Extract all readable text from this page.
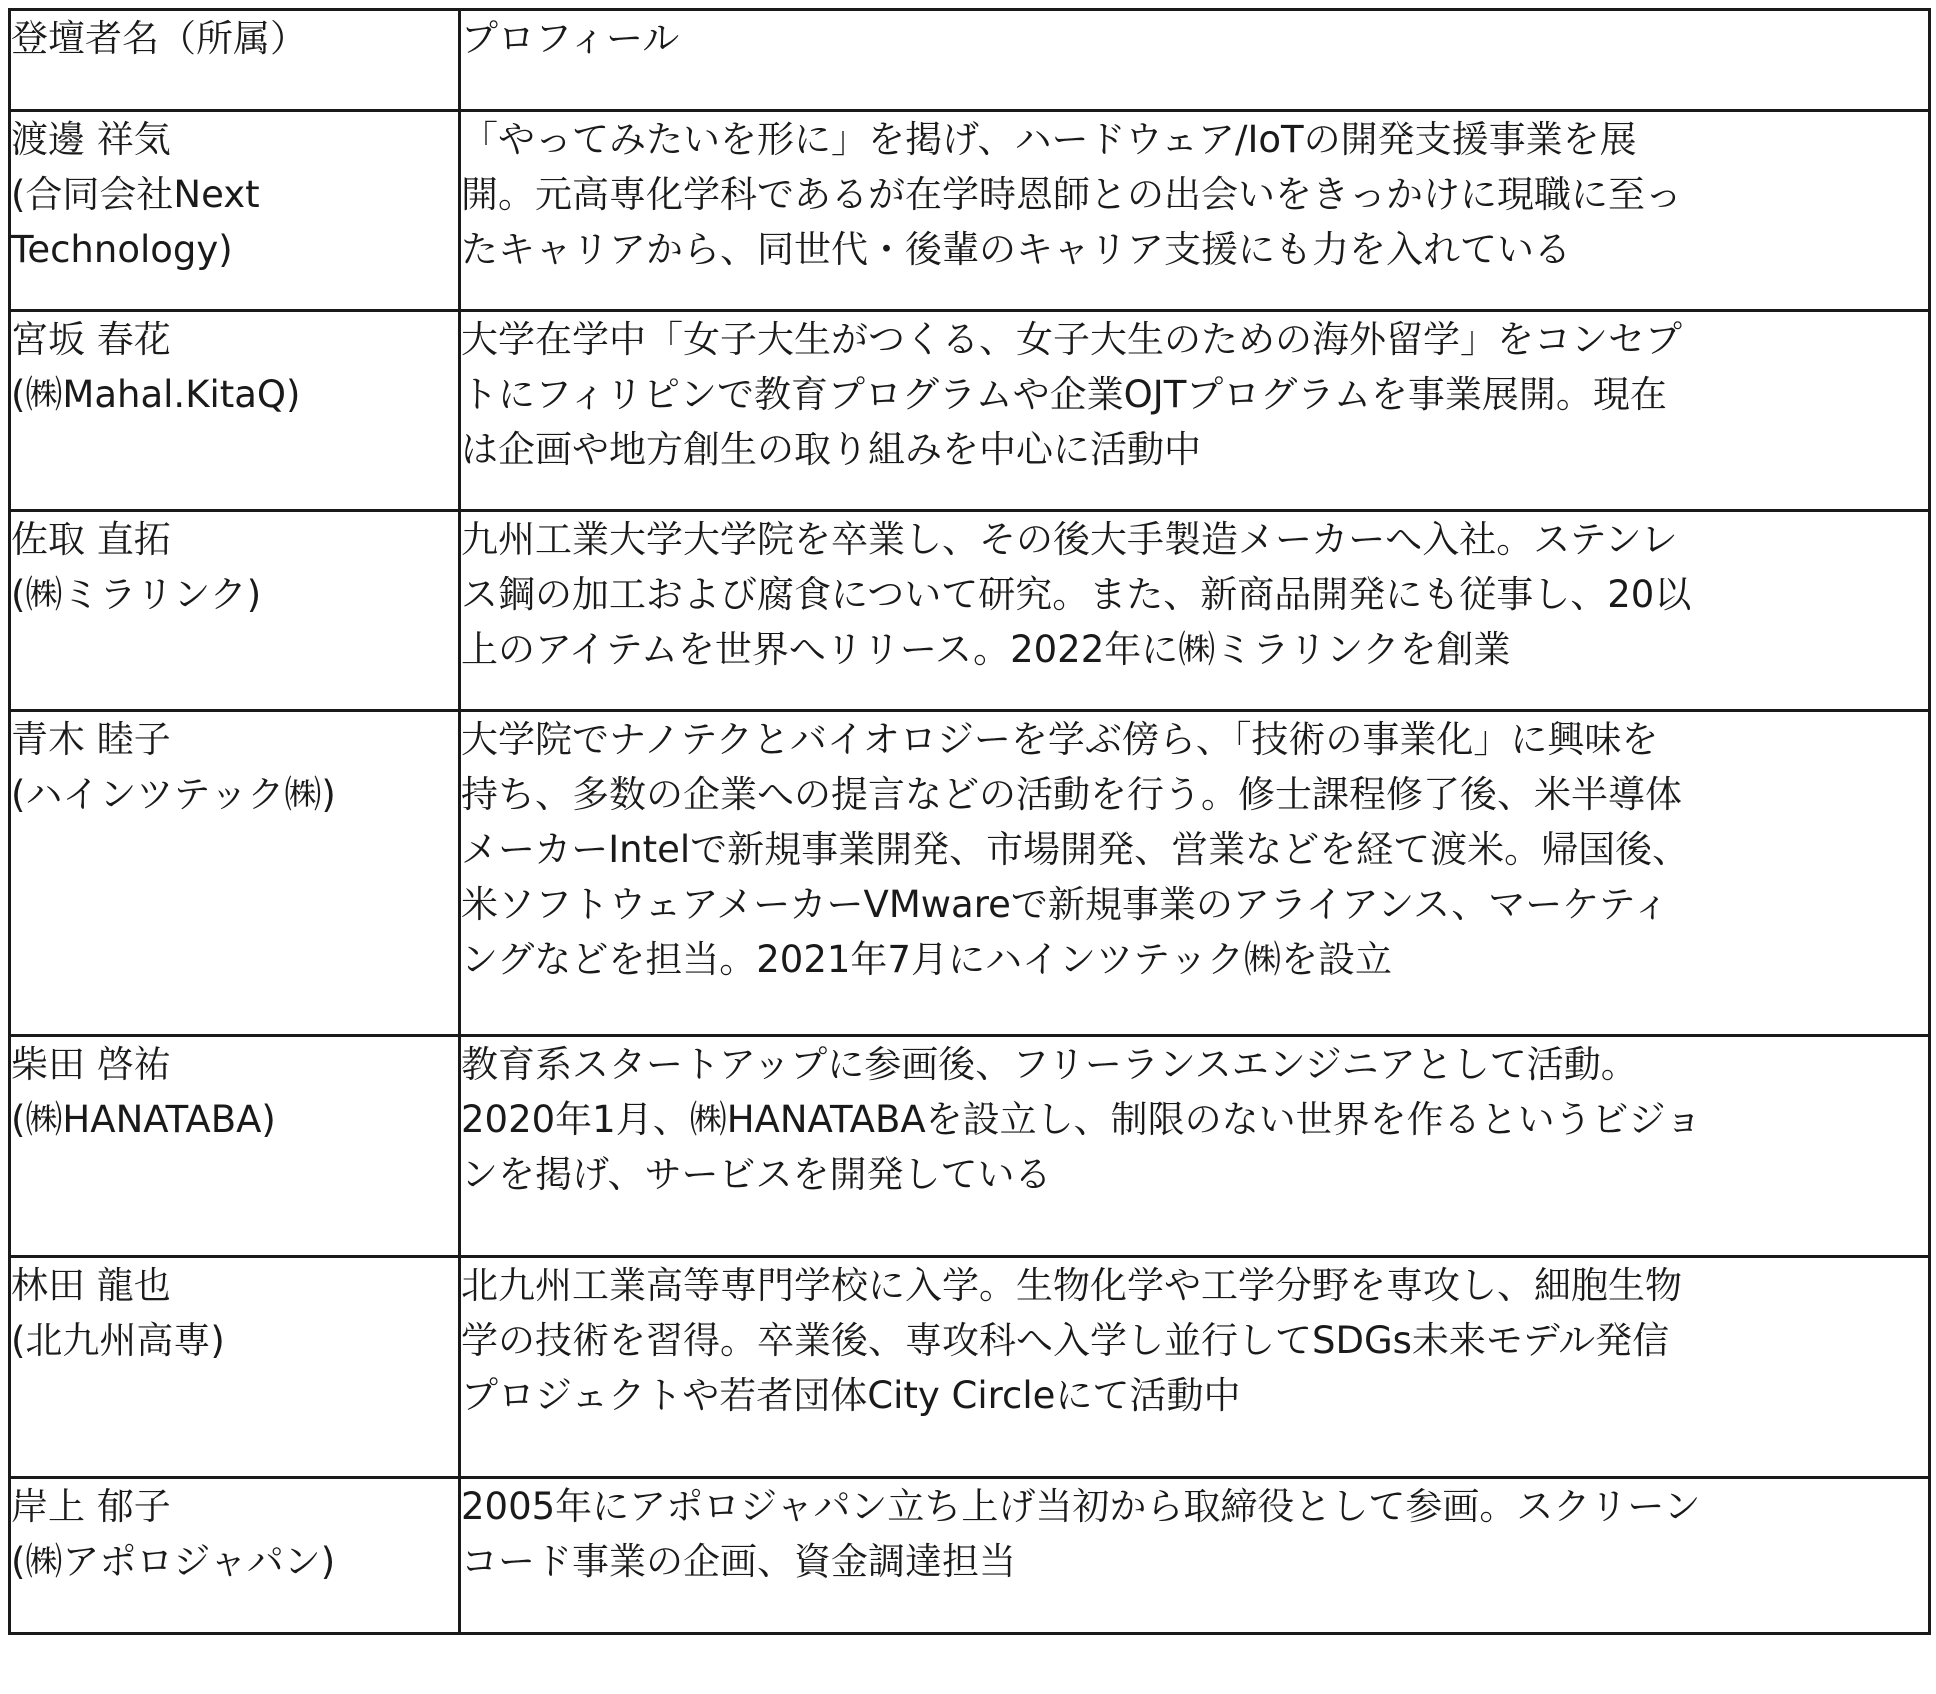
登壇者名（所属）	プロフィール

渡邊 祥気
(合同会社Next
Technology)	「やってみたいを形に」を掲げ、ハードウェア/IoTの開発支援事業を展
開。元高専化学科であるが在学時恩師との出会いをきっかけに現職に至っ
たキャリアから、同世代・後輩のキャリア支援にも力を入れている

宮坂 春花
(㈱Mahal.KitaQ)	大学在学中「女子大生がつくる、女子大生のための海外留学」をコンセプ
トにフィリピンで教育プログラムや企業OJTプログラムを事業展開。現在
は企画や地方創生の取り組みを中心に活動中

佐取 直拓
(㈱ミラリンク)	九州工業大学大学院を卒業し、その後大手製造メーカーへ入社。ステンレ
ス鋼の加工および腐食について研究。また、新商品開発にも従事し、20以
上のアイテムを世界へリリース。2022年に㈱ミラリンクを創業

青木 睦子
(ハインツテック㈱)	大学院でナノテクとバイオロジーを学ぶ傍ら、「技術の事業化」に興味を
持ち、多数の企業への提言などの活動を行う。修士課程修了後、米半導体
メーカーIntelで新規事業開発、市場開発、営業などを経て渡米。帰国後、
米ソフトウェアメーカーVMwareで新規事業のアライアンス、マーケティ
ングなどを担当。2021年7月にハインツテック㈱を設立

柴田 啓祐
(㈱HANATABA)	教育系スタートアップに参画後、フリーランスエンジニアとして活動。
2020年1月、㈱HANATABAを設立し、制限のない世界を作るというビジョ
ンを掲げ、サービスを開発している

林田 龍也
(北九州高専)	北九州工業高等専門学校に入学。生物化学や工学分野を専攻し、細胞生物
学の技術を習得。卒業後、専攻科へ入学し並行してSDGs未来モデル発信
プロジェクトや若者団体City Circleにて活動中

岸上 郁子
(㈱アポロジャパン)	2005年にアポロジャパン立ち上げ当初から取締役として参画。スクリーン
コード事業の企画、資金調達担当
